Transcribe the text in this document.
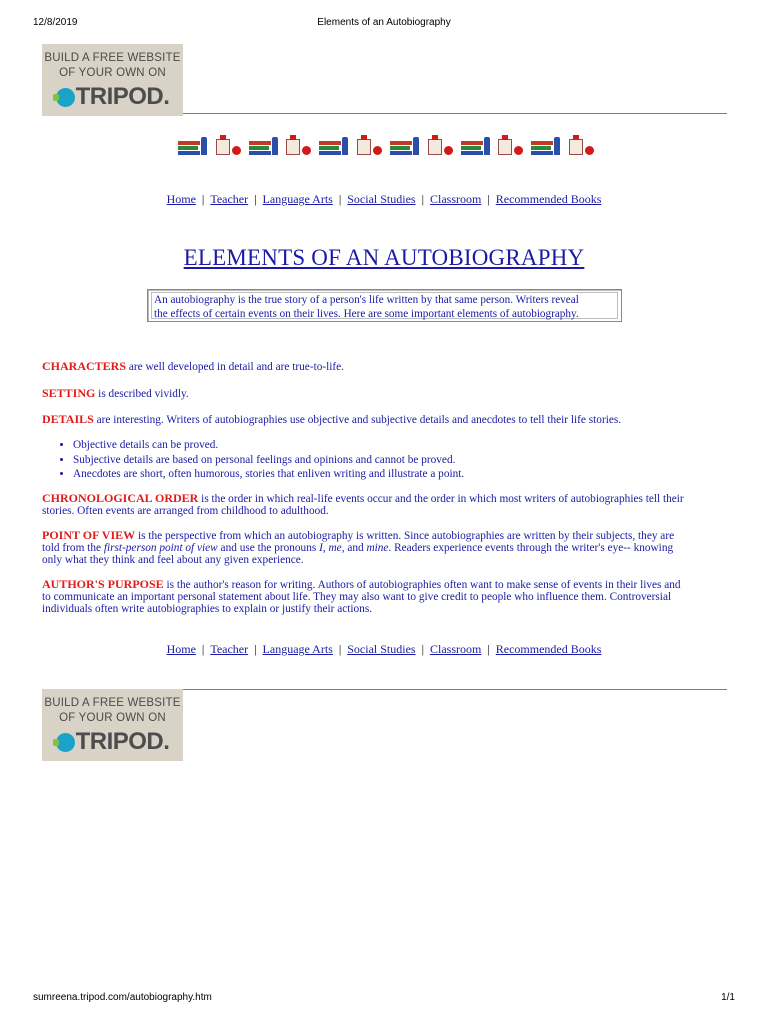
12/8/2019	Elements of an Autobiography
BUILD A FREE WEBSITE
OF YOUR OWN ON
TRIPOD.
Home | Teacher | Language Arts | Social Studies | Classroom | Recommended Books
ELEMENTS OF AN AUTOBIOGRAPHY
An autobiography is the true story of a person's life written by that same person. Writers reveal
the effects of certain events on their lives. Here are some important elements of autobiography.
CHARACTERS are well developed in detail and are true-to-life.
SETTING is described vividly.
DETAILS are interesting. Writers of autobiographies use objective and subjective details and anecdotes to tell their life stories.
• Objective details can be proved.
• Subjective details are based on personal feelings and opinions and cannot be proved.
• Anecdotes are short, often humorous, stories that enliven writing and illustrate a point.
CHRONOLOGICAL ORDER is the order in which real-life events occur and the order in which most writers of autobiographies tell their
stories. Often events are arranged from childhood to adulthood.
POINT OF VIEW is the perspective from which an autobiography is written. Since autobiographies are written by their subjects, they are
told from the first-person point of view and use the pronouns I, me, and mine. Readers experience events through the writer's eye-- knowing
only what they think and feel about any given experience.
AUTHOR'S PURPOSE is the author's reason for writing. Authors of autobiographies often want to make sense of events in their lives and
to communicate an important personal statement about life. They may also want to give credit to people who influence them. Controversial
individuals often write autobiographies to explain or justify their actions.
Home | Teacher | Language Arts | Social Studies | Classroom | Recommended Books
BUILD A FREE WEBSITE
OF YOUR OWN ON
TRIPOD.
sumreena.tripod.com/autobiography.htm	1/1
